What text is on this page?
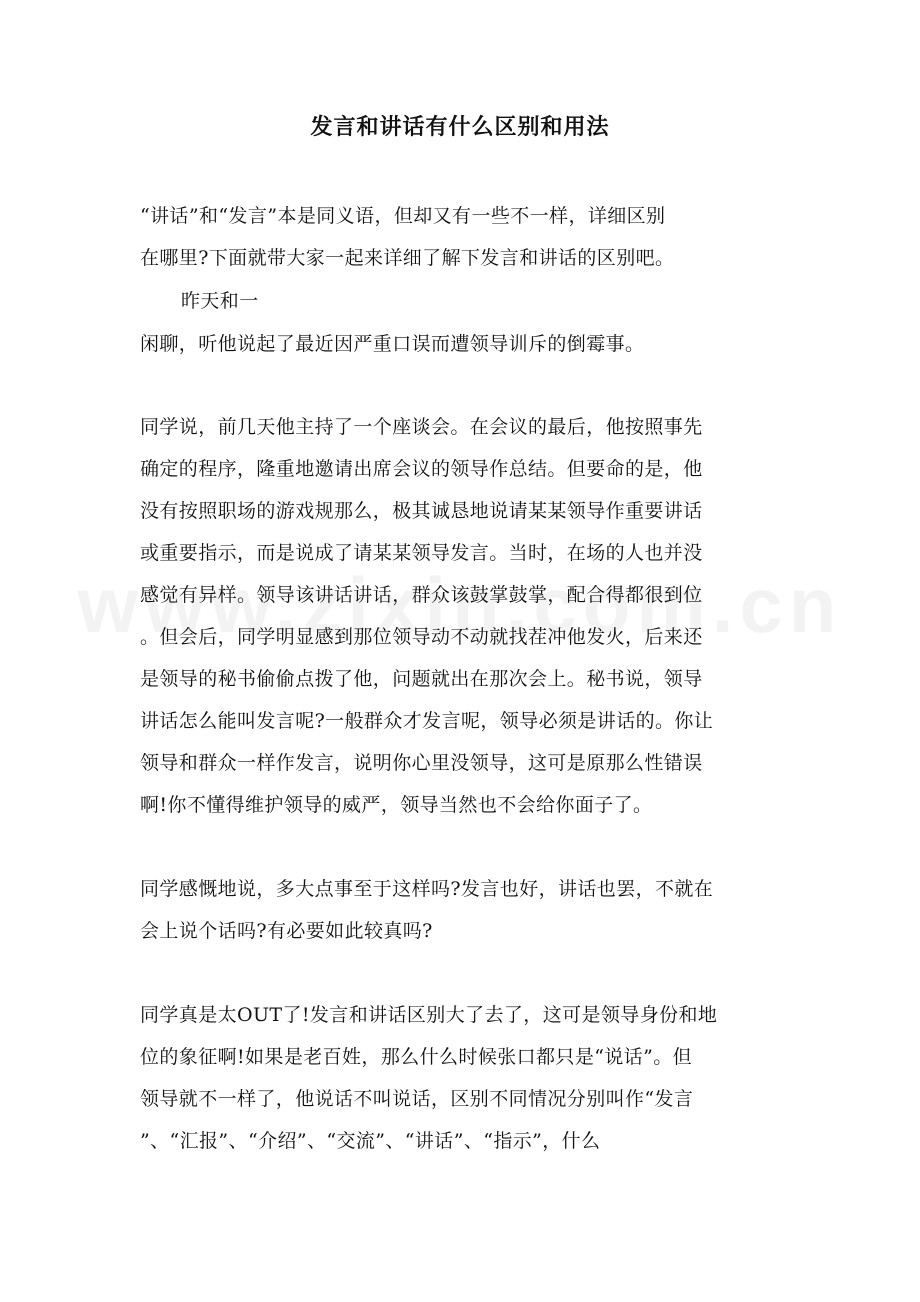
发言和讲话有什么区别和用法
“讲话”和“发言”本是同义语，但却又有一些不一样，详细区别
在哪里?下面就带大家一起来详细了解下发言和讲话的区别吧。
昨天和一
闲聊，听他说起了最近因严重口误而遭领导训斥的倒霉事。
同学说，前几天他主持了一个座谈会。在会议的最后，他按照事先
确定的程序，隆重地邀请出席会议的领导作总结。但要命的是，他
没有按照职场的游戏规那么，极其诚恳地说请某某领导作重要讲话
或重要指示，而是说成了请某某领导发言。当时，在场的人也并没
感觉有异样。领导该讲话讲话，群众该鼓掌鼓掌，配合得都很到位
。但会后，同学明显感到那位领导动不动就找茬冲他发火，后来还
是领导的秘书偷偷点拨了他，问题就出在那次会上。秘书说，领导
讲话怎么能叫发言呢?一般群众才发言呢，领导必须是讲话的。你让
领导和群众一样作发言，说明你心里没领导，这可是原那么性错误
啊!你不懂得维护领导的威严，领导当然也不会给你面子了。
同学感慨地说，多大点事至于这样吗?发言也好，讲话也罢，不就在
会上说个话吗?有必要如此较真吗?
同学真是太OUT了!发言和讲话区别大了去了，这可是领导身份和地
位的象征啊!如果是老百姓，那么什么时候张口都只是“说话”。但
领导就不一样了，他说话不叫说话，区别不同情况分别叫作“发言
”、“汇报”、“介绍”、“交流”、“讲话”、“指示”，什么
